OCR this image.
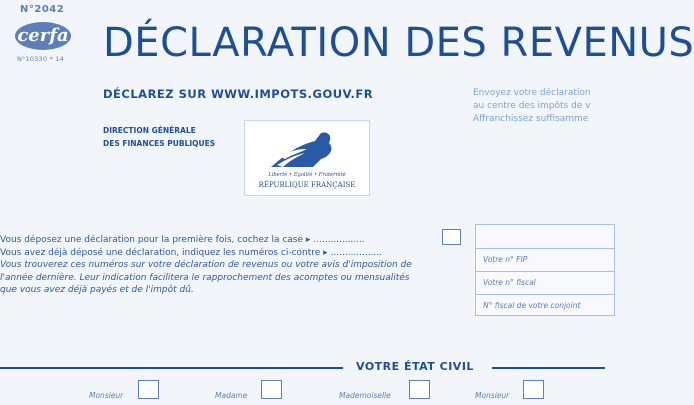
N°2042
cerfa
N°10330 * 14 DÉCLARATION DES REVENUS
DÉCLAREZ SUR WWW.IMPOTS.GOUV.FR
DIRECTION GÉNÉRALE
DES FINANCES PUBLIQUES
Liberté • Égalité • Fraternité
RÉPUBLIQUE FRANÇAISE
Envoyez votre déclaration
au centre des impôts de v
Affranchissez suffisamme
Vous déposez une déclaration pour la première fois, cochez la case ▸ ..................
Vous avez déjà déposé une déclaration, indiquez les numéros ci-contre ▸ ..................
Vous trouverez ces numéros sur votre déclaration de revenus ou votre avis d'imposition de
l'année dernière. Leur indication facilitera le rapprochement des acomptes ou mensualités
que vous avez déjà payés et de l'impôt dû.
Votre n° FIP
Votre n° fiscal
N° fiscal de votre conjoint
VOTRE ÉTAT CIVIL
Monsieur	Madame	Mademoiselle	Monsieur
